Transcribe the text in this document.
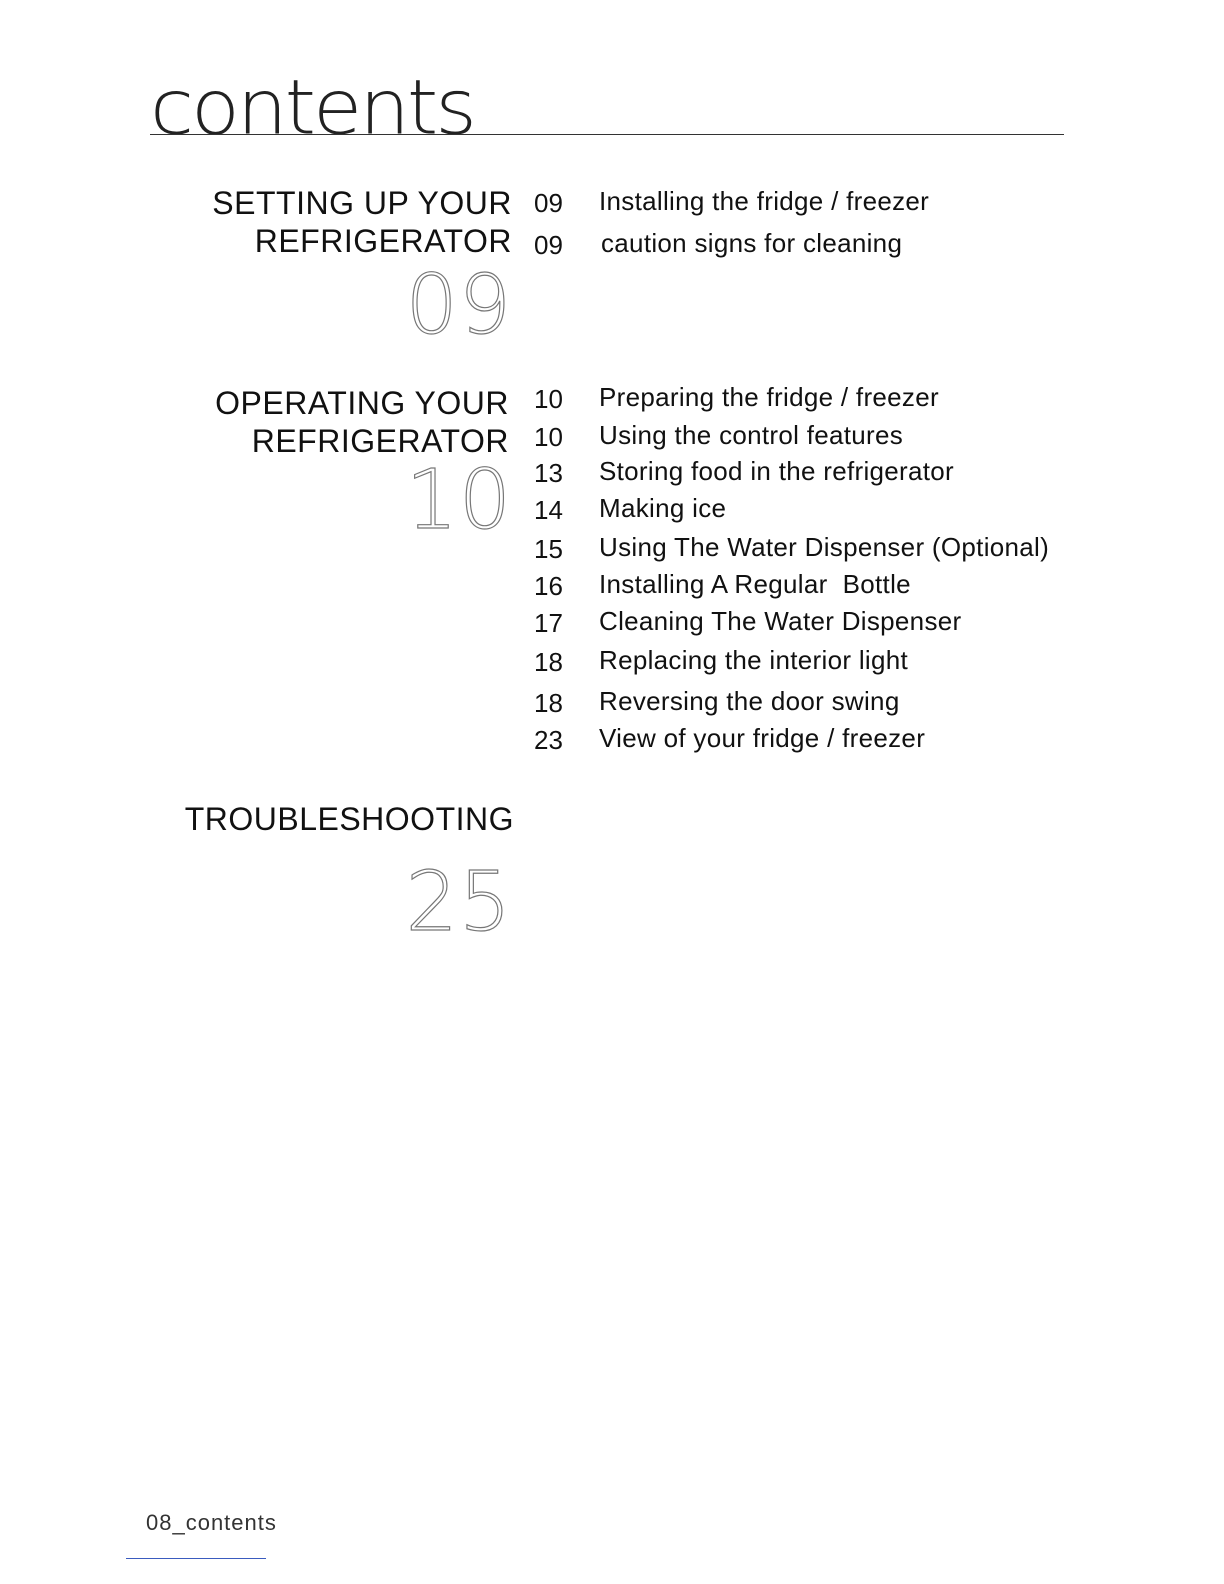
contents
SETTING UP YOUR
REFRIGERATOR
09
09 Installing the fridge / freezer
09 caution signs for cleaning
OPERATING YOUR
REFRIGERATOR
10
10 Preparing the fridge / freezer
10 Using the control features
13 Storing food in the refrigerator
14 Making ice
15 Using The Water Dispenser (Optional)
16 Installing A Regular  Bottle
17 Cleaning The Water Dispenser
18 Replacing the interior light
18 Reversing the door swing
23 View of your fridge / freezer
TROUBLESHOOTING
25
08_contents
